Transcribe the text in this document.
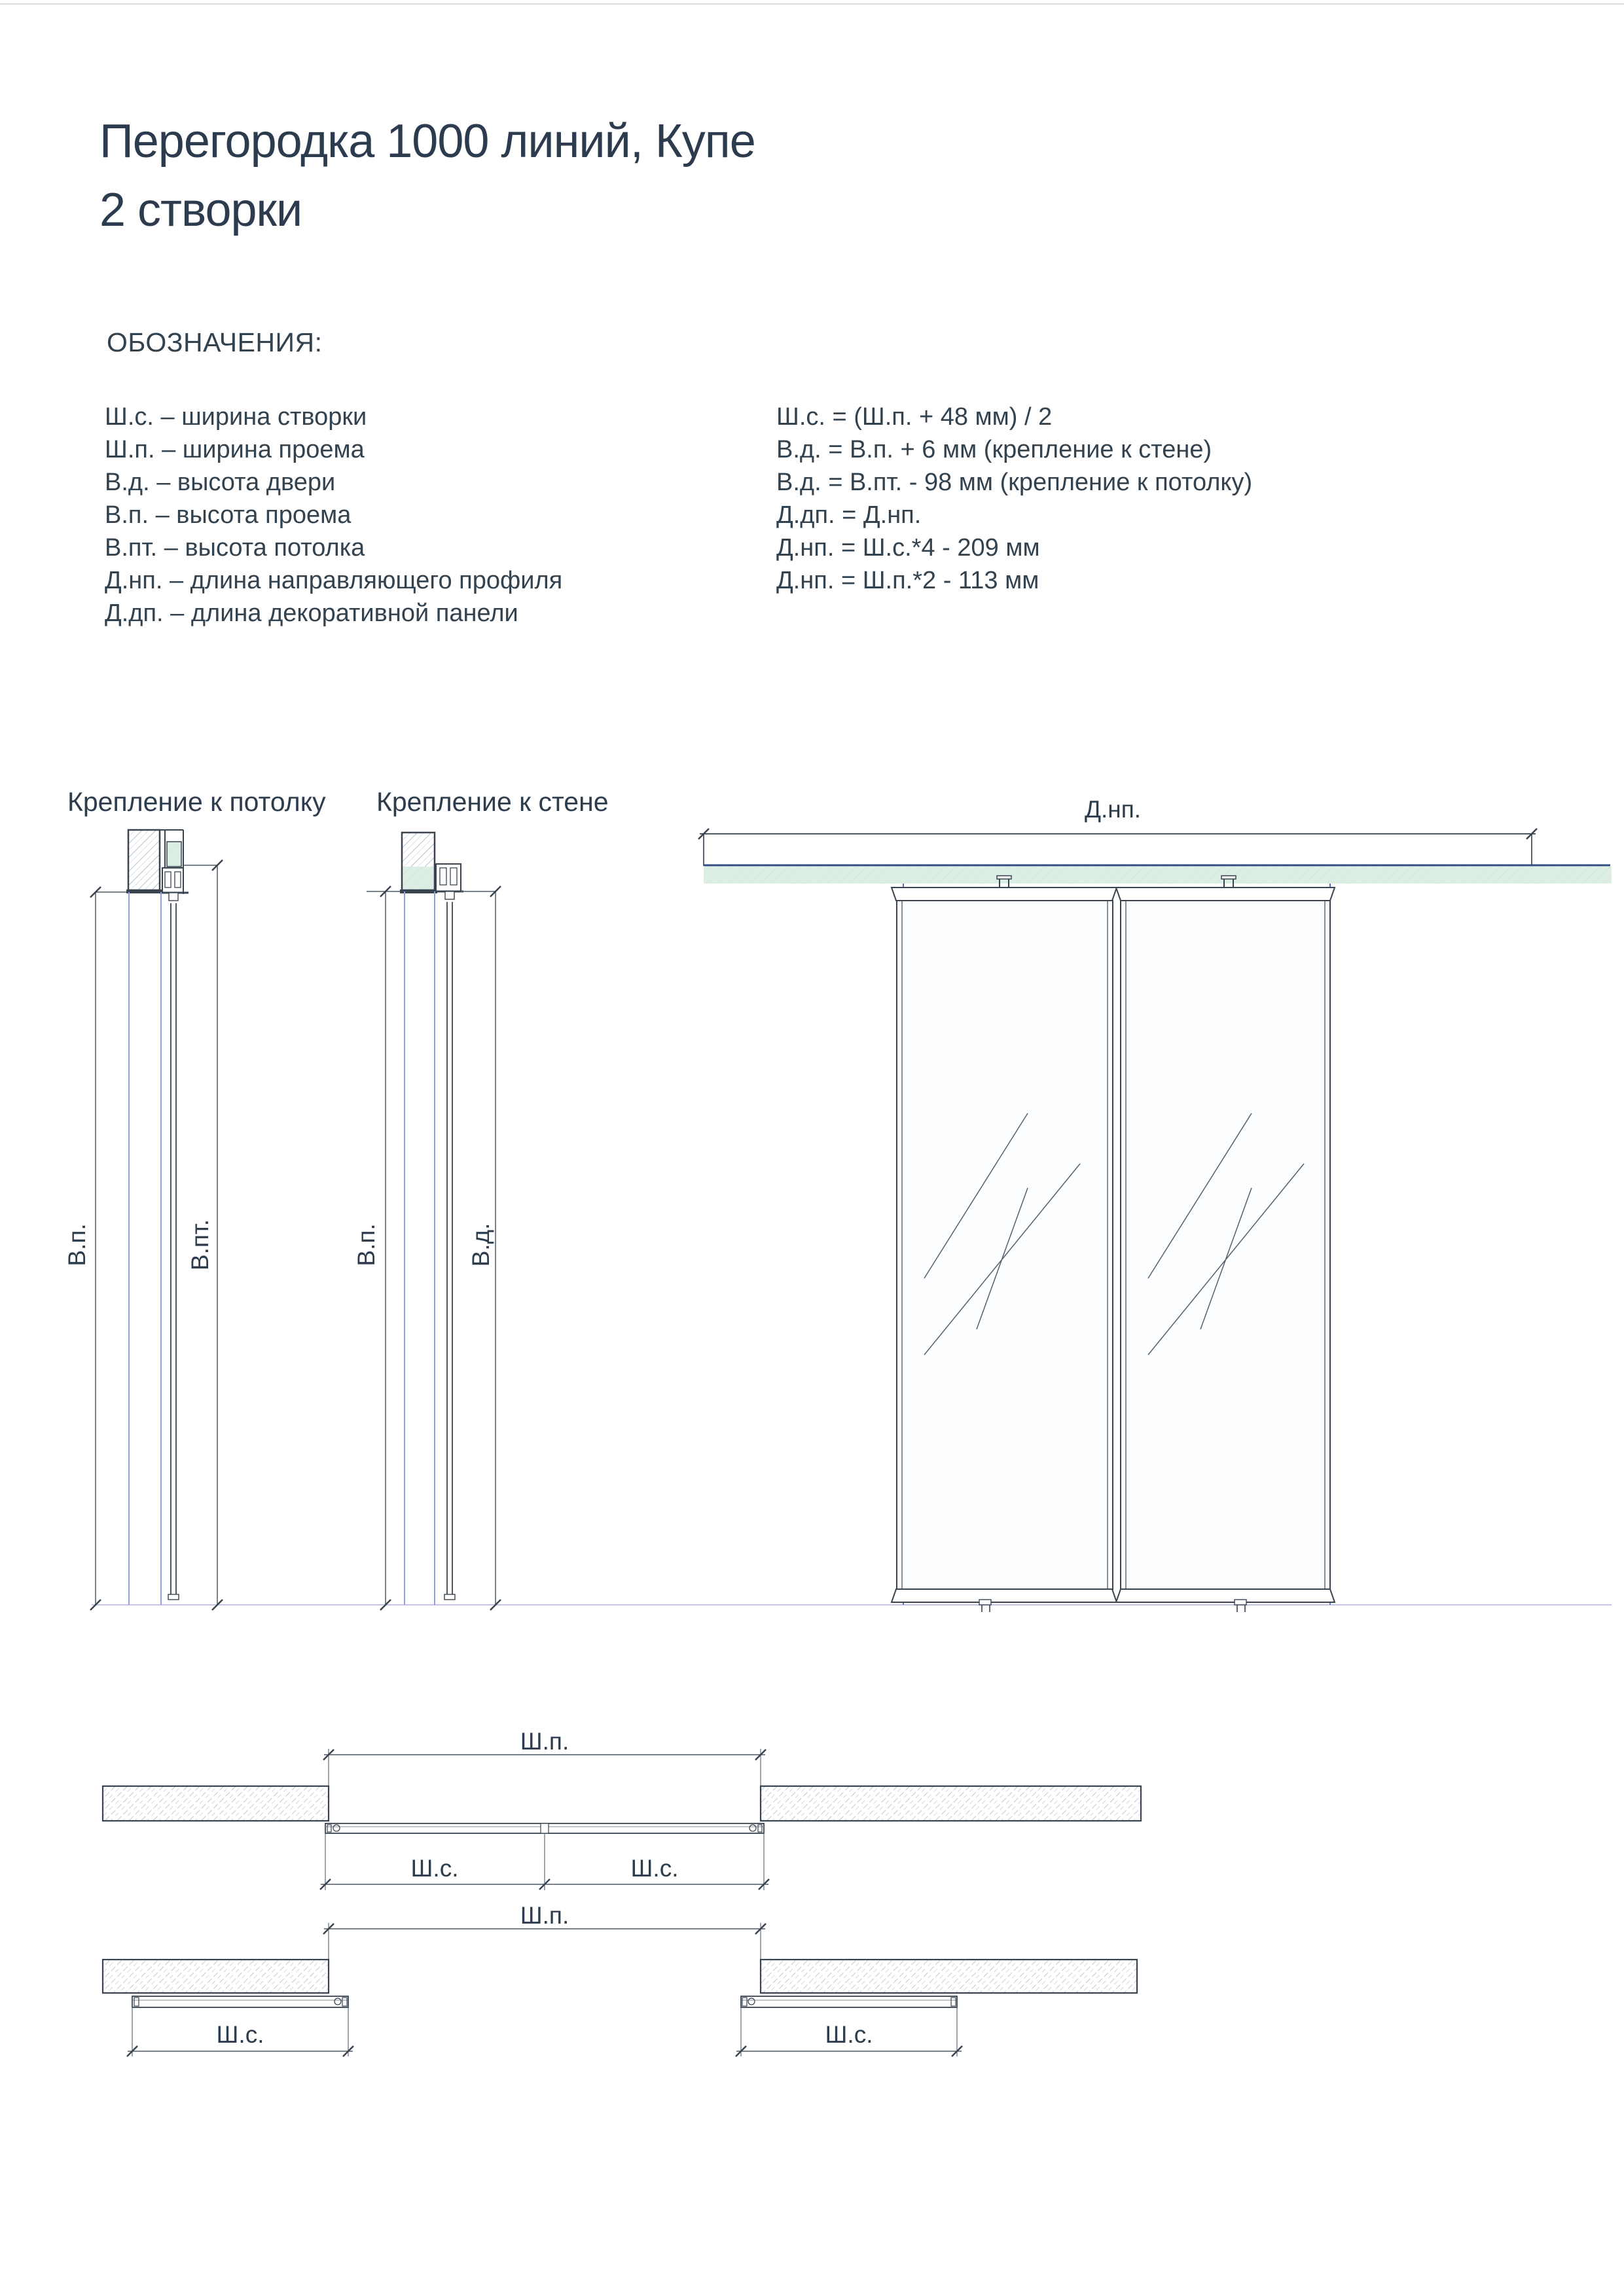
Перегородка 1000 линий, Купе
2 створки
ОБОЗНАЧЕНИЯ:
Ш.с. – ширина створки
Ш.п. – ширина проема
В.д. – высота двери
В.п. – высота проема
В.пт. – высота потолка
Д.нп. – длина направляющего профиля
Д.дп. – длина декоративной панели
Ш.с. = (Ш.п. + 48 мм) / 2
В.д. = В.п. + 6 мм (крепление к стене)
В.д. = В.пт. - 98 мм (крепление к потолку)
Д.дп. = Д.нп.
Д.нп. = Ш.с.*4 - 209 мм
Д.нп. = Ш.п.*2 - 113 мм
Крепление к потолку Крепление к стене	Д.нп.
В.п.	В.пт.	В.п.	В.д.
Ш.п.
Ш.с.	Ш.с.
Ш.п.
Ш.с.	Ш.с.
